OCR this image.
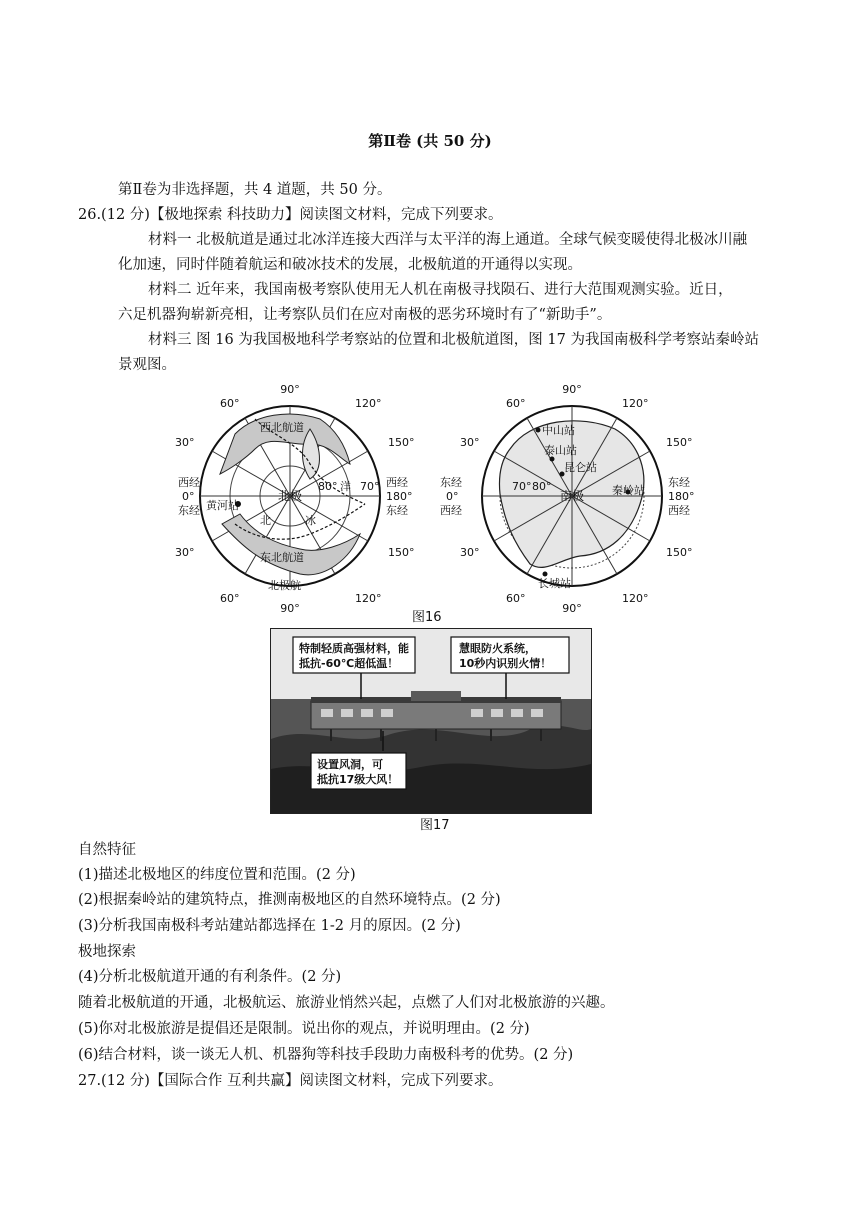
第Ⅱ卷 (共 50 分)
第Ⅱ卷为非选择题，共 4 道题，共 50 分。
26.(12 分)【极地探索 科技助力】阅读图文材料，完成下列要求。
材料一 北极航道是通过北冰洋连接大西洋与太平洋的海上通道。全球气候变暖使得北极冰川融
化加速，同时伴随着航运和破冰技术的发展，北极航道的开通得以实现。
材料二 近年来，我国南极考察队使用无人机在南极寻找陨石、进行大范围观测实验。近日，
六足机器狗崭新亮相，让考察队员们在应对南极的恶劣环境时有了“新助手”。
材料三 图 16 为我国极地科学考察站的位置和北极航道图，图 17 为我国南极科学考察站秦岭站
景观图。
90°
120°
150°
60°
30°
西经
0°
东经
西经
180°
东经
30°	150°
60°
90°
120°
北极
80° 70°
洋
北	冰
西北航道
东北航道
北极航
黄河站
90°
120°
150°
60°
30°
东经
0°
西经
东经
180°
西经
30°	150°
60°
90°
120°
南极
70° 80°
中山站
泰山站
昆仑站
秦岭站
长城站
图16
特制轻质高强材料，能
抵抗-60℃超低温！
慧眼防火系统，
10秒内识别火情！
设置风洞，可
抵抗17级大风！
图17
自然特征
(1)描述北极地区的纬度位置和范围。(2 分)
(2)根据秦岭站的建筑特点，推测南极地区的自然环境特点。(2 分)
(3)分析我国南极科考站建站都选择在 1-2 月的原因。(2 分)
极地探索
(4)分析北极航道开通的有利条件。(2 分)
随着北极航道的开通，北极航运、旅游业悄然兴起，点燃了人们对北极旅游的兴趣。
(5)你对北极旅游是提倡还是限制。说出你的观点，并说明理由。(2 分)
(6)结合材料，谈一谈无人机、机器狗等科技手段助力南极科考的优势。(2 分)
27.(12 分)【国际合作 互利共赢】阅读图文材料，完成下列要求。
